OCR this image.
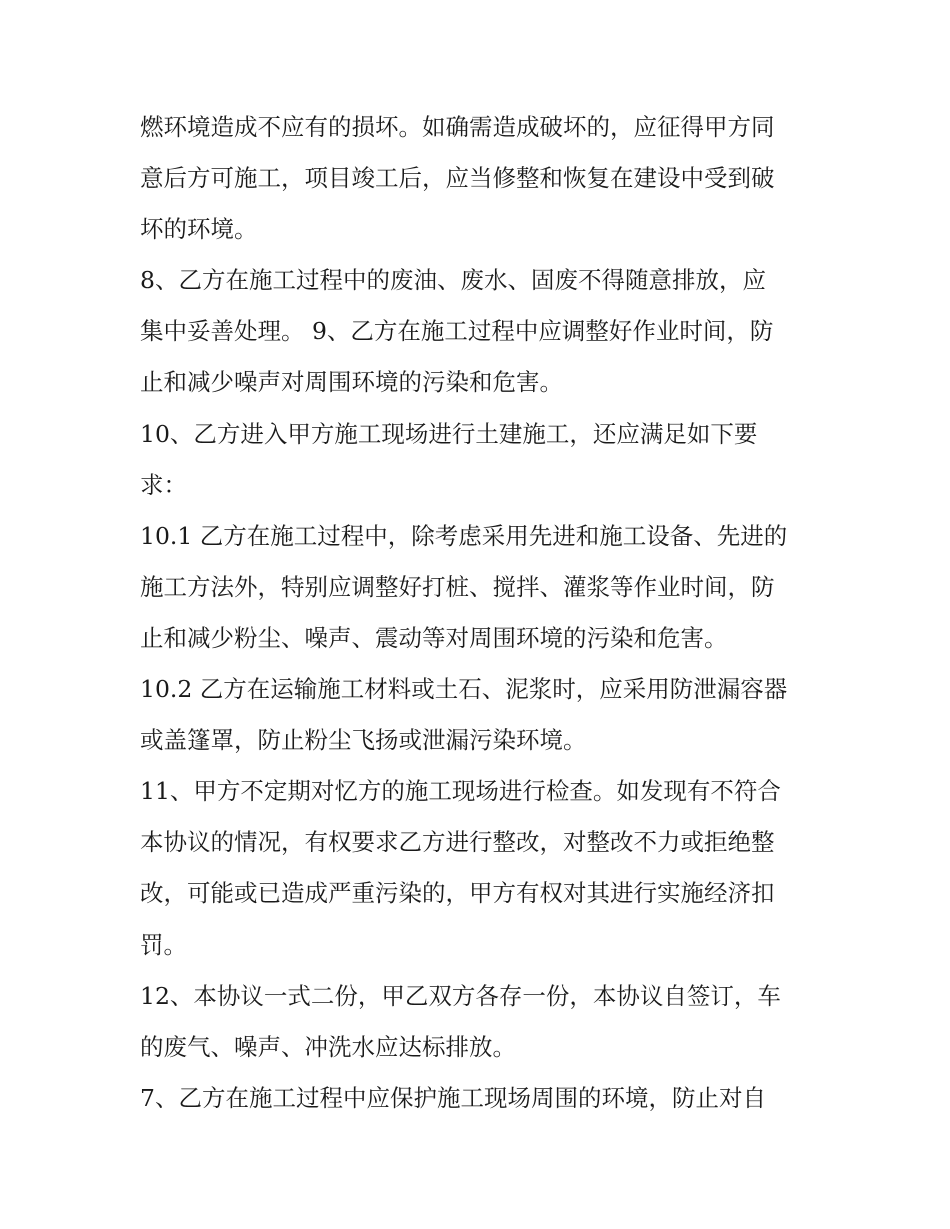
燃环境造成不应有的损坏。如确需造成破坏的，应征得甲方同
意后方可施工，项目竣工后，应当修整和恢复在建设中受到破
坏的环境。
8、乙方在施工过程中的废油、废水、固废不得随意排放，应
集中妥善处理。 9、乙方在施工过程中应调整好作业时间，防
止和减少噪声对周围环境的污染和危害。
10、乙方进入甲方施工现场进行土建施工，还应满足如下要
求：
10.1 乙方在施工过程中，除考虑采用先进和施工设备、先进的
施工方法外，特别应调整好打桩、搅拌、灌浆等作业时间，防
止和减少粉尘、噪声、震动等对周围环境的污染和危害。
10.2 乙方在运输施工材料或土石、泥浆时，应采用防泄漏容器
或盖篷罩，防止粉尘飞扬或泄漏污染环境。
11、甲方不定期对忆方的施工现场进行检查。如发现有不符合
本协议的情况，有权要求乙方进行整改，对整改不力或拒绝整
改，可能或已造成严重污染的，甲方有权对其进行实施经济扣
罚。
12、本协议一式二份，甲乙双方各存一份，本协议自签订，车
的废气、噪声、冲洗水应达标排放。
7、乙方在施工过程中应保护施工现场周围的环境，防止对自
